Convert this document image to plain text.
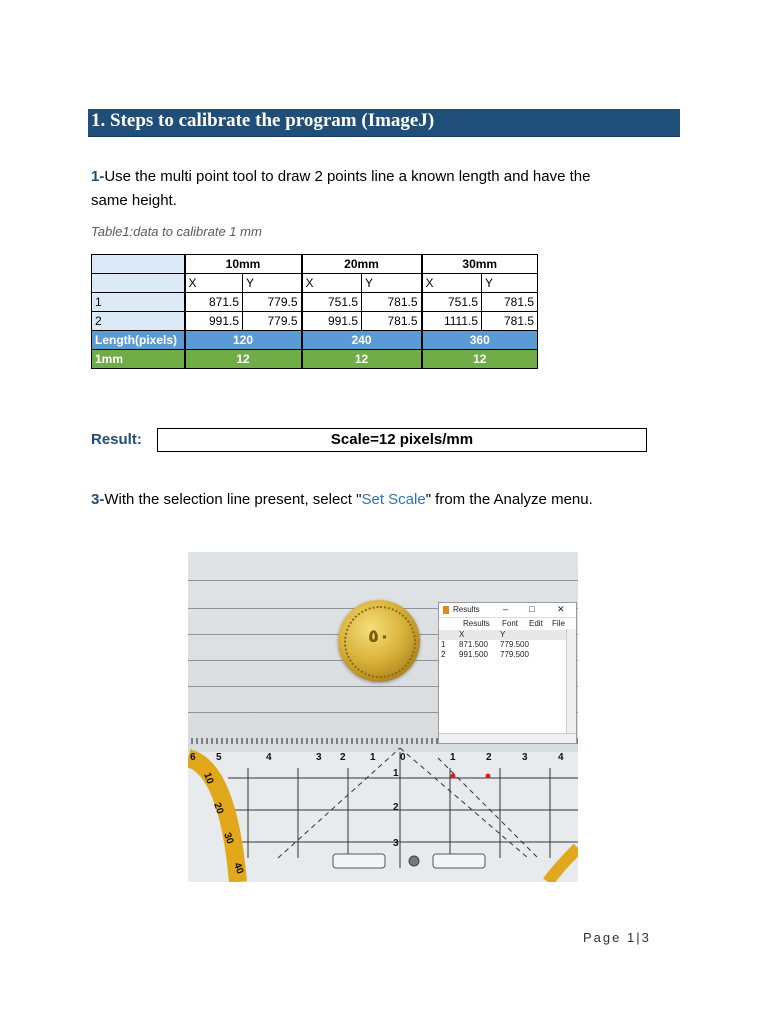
1. Steps to calibrate the program (ImageJ)
1-Use the multi point tool to draw 2 points line a known length and have the
same height.
Table1:data to calibrate 1 mm
	10mm		20mm		30mm	
	X	Y	X	Y	X	Y
1	871.5	779.5	751.5	781.5	751.5	781.5
2	991.5	779.5	991.5	781.5	1111.5	781.5
Length(pixels)	120		240		360	
1mm	12		12		12	
Result:	Scale=12 pixels/mm
3-With the selection line present, select "Set Scale" from the Analyze menu.
٥٠
6 5	4	3 2 1 0	1	2	3	4
1
2
3
10
20
30
40
Results	– □	✕
Results Font Edit File
X	Y
1 871.500 779.500
2 991.500 779.500
Page 1|3
